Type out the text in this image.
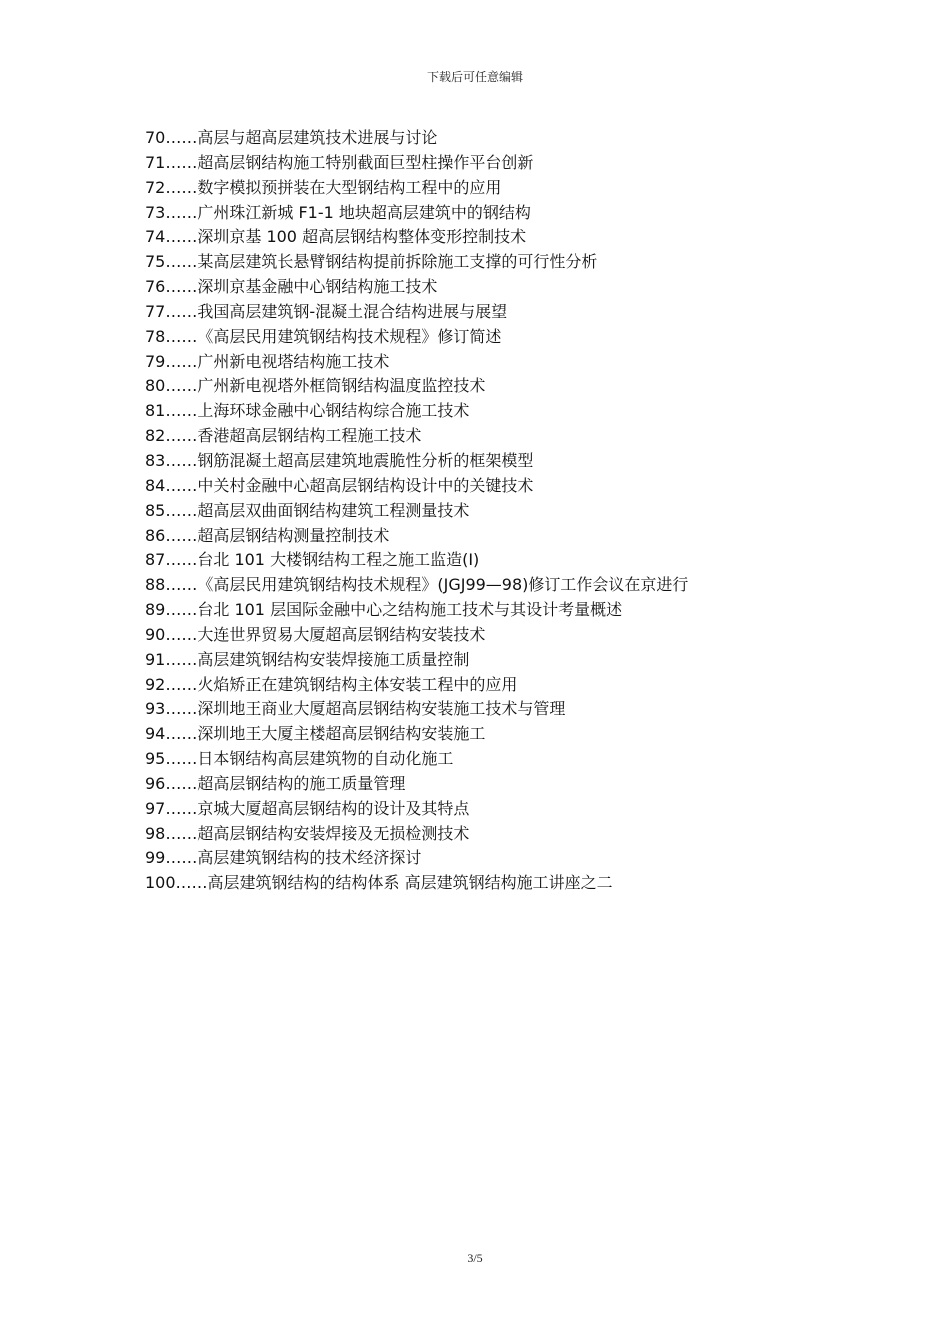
下载后可任意编辑
70……高层与超高层建筑技术进展与讨论
71……超高层钢结构施工特别截面巨型柱操作平台创新
72……数字模拟预拼装在大型钢结构工程中的应用
73……广州珠江新城 F1-1 地块超高层建筑中的钢结构
74……深圳京基 100 超高层钢结构整体变形控制技术
75……某高层建筑长悬臂钢结构提前拆除施工支撑的可行性分析
76……深圳京基金融中心钢结构施工技术
77……我国高层建筑钢-混凝土混合结构进展与展望
78……《高层民用建筑钢结构技术规程》修订简述
79……广州新电视塔结构施工技术
80……广州新电视塔外框筒钢结构温度监控技术
81……上海环球金融中心钢结构综合施工技术
82……香港超高层钢结构工程施工技术
83……钢筋混凝土超高层建筑地震脆性分析的框架模型
84……中关村金融中心超高层钢结构设计中的关键技术
85……超高层双曲面钢结构建筑工程测量技术
86……超高层钢结构测量控制技术
87……台北 101 大楼钢结构工程之施工监造(I)
88……《高层民用建筑钢结构技术规程》(JGJ99—98)修订工作会议在京进行
89……台北 101 层国际金融中心之结构施工技术与其设计考量概述
90……大连世界贸易大厦超高层钢结构安装技术
91……高层建筑钢结构安装焊接施工质量控制
92……火焰矫正在建筑钢结构主体安装工程中的应用
93……深圳地王商业大厦超高层钢结构安装施工技术与管理
94……深圳地王大厦主楼超高层钢结构安装施工
95……日本钢结构高层建筑物的自动化施工
96……超高层钢结构的施工质量管理
97……京城大厦超高层钢结构的设计及其特点
98……超高层钢结构安装焊接及无损检测技术
99……高层建筑钢结构的技术经济探讨
100……高层建筑钢结构的结构体系 高层建筑钢结构施工讲座之二
3/5
